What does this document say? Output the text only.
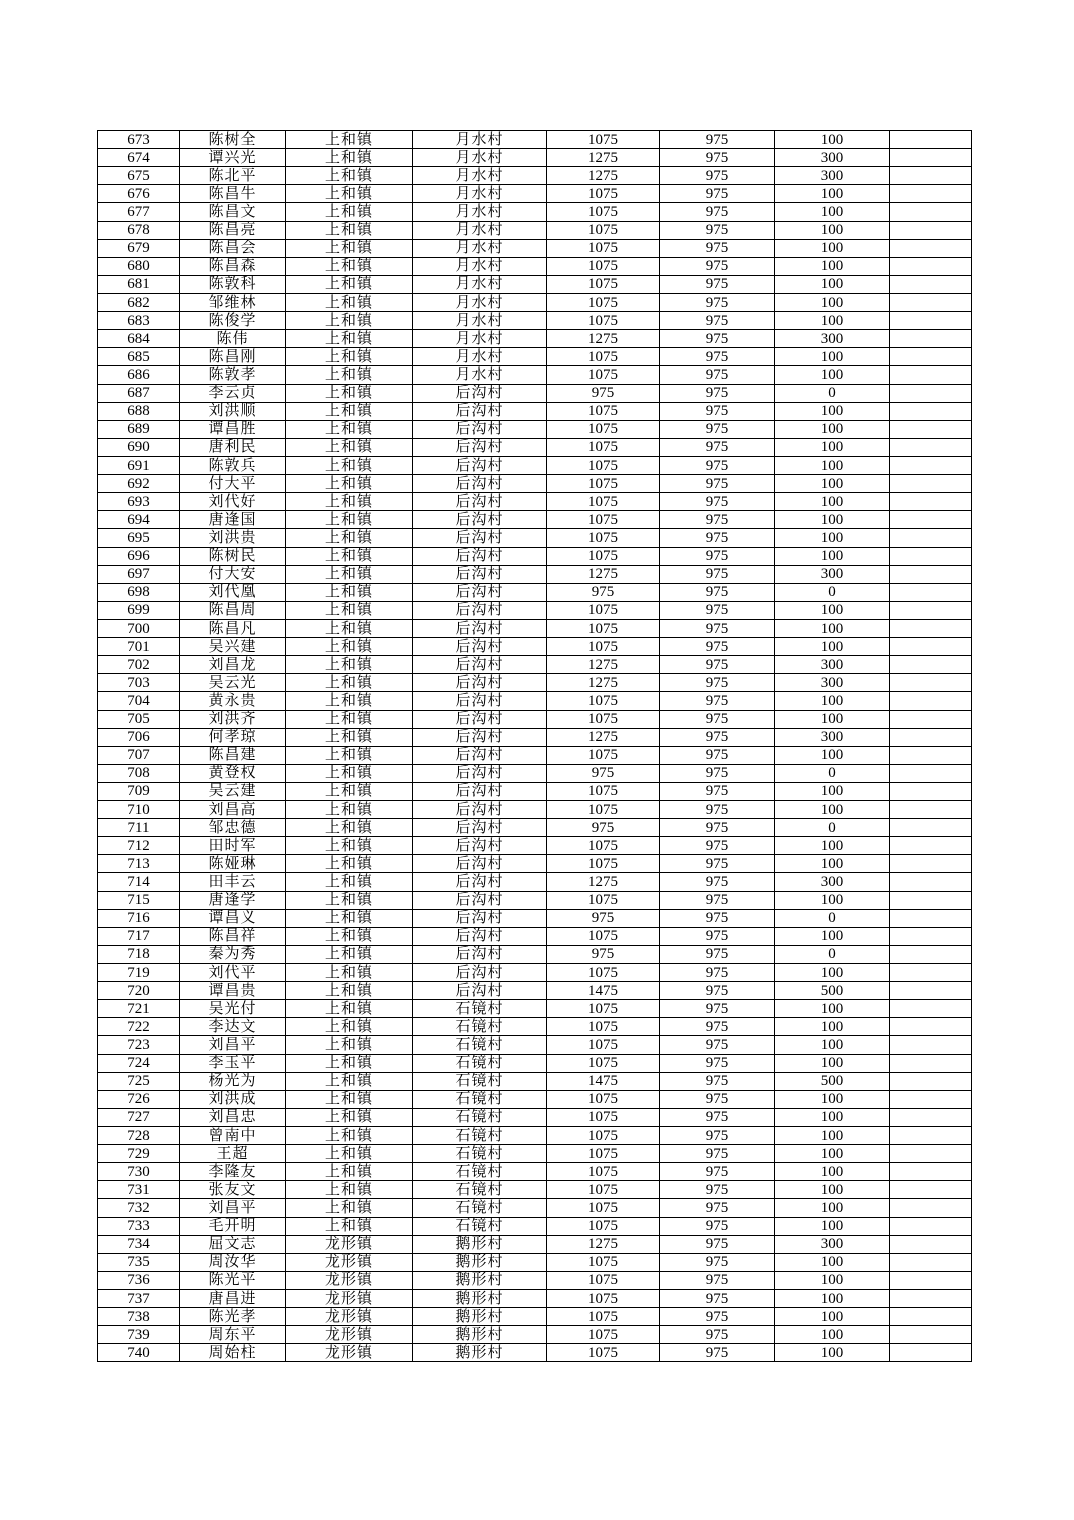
673	陈树全	上和镇	月水村	1075	975	100	
674	谭兴光	上和镇	月水村	1275	975	300	
675	陈北平	上和镇	月水村	1275	975	300	
676	陈昌牛	上和镇	月水村	1075	975	100	
677	陈昌文	上和镇	月水村	1075	975	100	
678	陈昌亮	上和镇	月水村	1075	975	100	
679	陈昌会	上和镇	月水村	1075	975	100	
680	陈昌森	上和镇	月水村	1075	975	100	
681	陈敦科	上和镇	月水村	1075	975	100	
682	邹维林	上和镇	月水村	1075	975	100	
683	陈俊学	上和镇	月水村	1075	975	100	
684	陈伟	上和镇	月水村	1275	975	300	
685	陈昌刚	上和镇	月水村	1075	975	100	
686	陈敦孝	上和镇	月水村	1075	975	100	
687	李云贞	上和镇	后沟村	975	975	0	
688	刘洪顺	上和镇	后沟村	1075	975	100	
689	谭昌胜	上和镇	后沟村	1075	975	100	
690	唐利民	上和镇	后沟村	1075	975	100	
691	陈敦兵	上和镇	后沟村	1075	975	100	
692	付大平	上和镇	后沟村	1075	975	100	
693	刘代好	上和镇	后沟村	1075	975	100	
694	唐逢国	上和镇	后沟村	1075	975	100	
695	刘洪贵	上和镇	后沟村	1075	975	100	
696	陈树民	上和镇	后沟村	1075	975	100	
697	付大安	上和镇	后沟村	1275	975	300	
698	刘代凰	上和镇	后沟村	975	975	0	
699	陈昌周	上和镇	后沟村	1075	975	100	
700	陈昌凡	上和镇	后沟村	1075	975	100	
701	吴兴建	上和镇	后沟村	1075	975	100	
702	刘昌龙	上和镇	后沟村	1275	975	300	
703	吴云光	上和镇	后沟村	1275	975	300	
704	黄永贵	上和镇	后沟村	1075	975	100	
705	刘洪齐	上和镇	后沟村	1075	975	100	
706	何孝琼	上和镇	后沟村	1275	975	300	
707	陈昌建	上和镇	后沟村	1075	975	100	
708	黄登权	上和镇	后沟村	975	975	0	
709	吴云建	上和镇	后沟村	1075	975	100	
710	刘昌高	上和镇	后沟村	1075	975	100	
711	邹忠德	上和镇	后沟村	975	975	0	
712	田时军	上和镇	后沟村	1075	975	100	
713	陈娅琳	上和镇	后沟村	1075	975	100	
714	田丰云	上和镇	后沟村	1275	975	300	
715	唐逢学	上和镇	后沟村	1075	975	100	
716	谭昌义	上和镇	后沟村	975	975	0	
717	陈昌祥	上和镇	后沟村	1075	975	100	
718	秦为秀	上和镇	后沟村	975	975	0	
719	刘代平	上和镇	后沟村	1075	975	100	
720	谭昌贵	上和镇	后沟村	1475	975	500	
721	吴光付	上和镇	石镜村	1075	975	100	
722	李达文	上和镇	石镜村	1075	975	100	
723	刘昌平	上和镇	石镜村	1075	975	100	
724	李玉平	上和镇	石镜村	1075	975	100	
725	杨光为	上和镇	石镜村	1475	975	500	
726	刘洪成	上和镇	石镜村	1075	975	100	
727	刘昌忠	上和镇	石镜村	1075	975	100	
728	曾南中	上和镇	石镜村	1075	975	100	
729	王超	上和镇	石镜村	1075	975	100	
730	李隆友	上和镇	石镜村	1075	975	100	
731	张友文	上和镇	石镜村	1075	975	100	
732	刘昌平	上和镇	石镜村	1075	975	100	
733	毛开明	上和镇	石镜村	1075	975	100	
734	屈文志	龙形镇	鹅形村	1275	975	300	
735	周汝华	龙形镇	鹅形村	1075	975	100	
736	陈光平	龙形镇	鹅形村	1075	975	100	
737	唐昌进	龙形镇	鹅形村	1075	975	100	
738	陈光孝	龙形镇	鹅形村	1075	975	100	
739	周东平	龙形镇	鹅形村	1075	975	100	
740	周始柱	龙形镇	鹅形村	1075	975	100	
